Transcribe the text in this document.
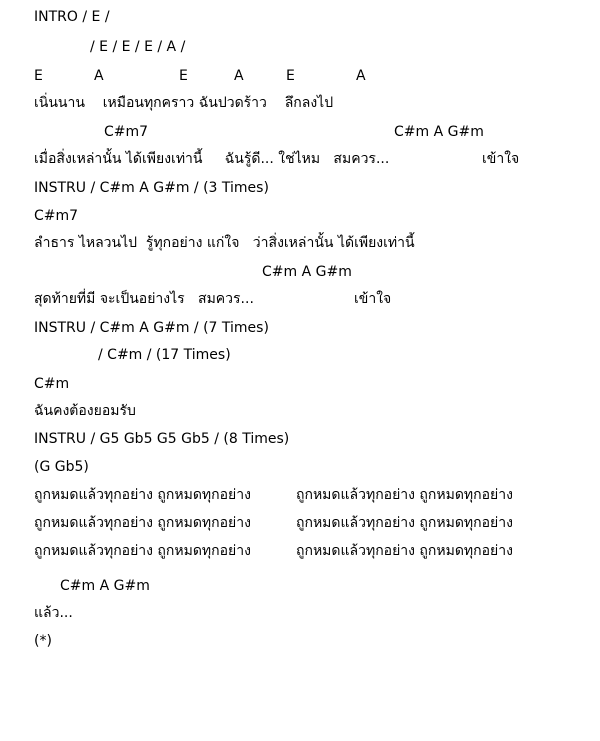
INTRO / E /

/ E / E / E / A /

E

	A

	E

	A

	E

	A

เนิ่นนาน    เหมือนทุกคราว ฉันปวดร้าว    ลึกลงไป

C#m7

	C#m A G#m

เมื่อสิ่งเหล่านั้น ได้เพียงเท่านี้     ฉันรู้ดี... ใช่ไหม   สมควร...

	เข้าใจ

INSTRU / C#m A G#m / (3 Times)

C#m7

ลำธาร ไหลวนไป  รู้ทุกอย่าง แก่ใจ   ว่าสิ่งเหล่านั้น ได้เพียงเท่านี้

C#m A G#m

สุดท้ายที่มี จะเป็นอย่างไร   สมควร...

	เข้าใจ

INSTRU / C#m A G#m / (7 Times)

/ C#m / (17 Times)

C#m

ฉันคงต้องยอมรับ

INSTRU / G5 Gb5 G5 Gb5 / (8 Times)

(G Gb5)

ถูกหมดแล้วทุกอย่าง ถูกหมดทุกอย่าง

	ถูกหมดแล้วทุกอย่าง ถูกหมดทุกอย่าง

ถูกหมดแล้วทุกอย่าง ถูกหมดทุกอย่าง

	ถูกหมดแล้วทุกอย่าง ถูกหมดทุกอย่าง

ถูกหมดแล้วทุกอย่าง ถูกหมดทุกอย่าง

	ถูกหมดแล้วทุกอย่าง ถูกหมดทุกอย่าง

C#m A G#m

แล้ว...

(*)
